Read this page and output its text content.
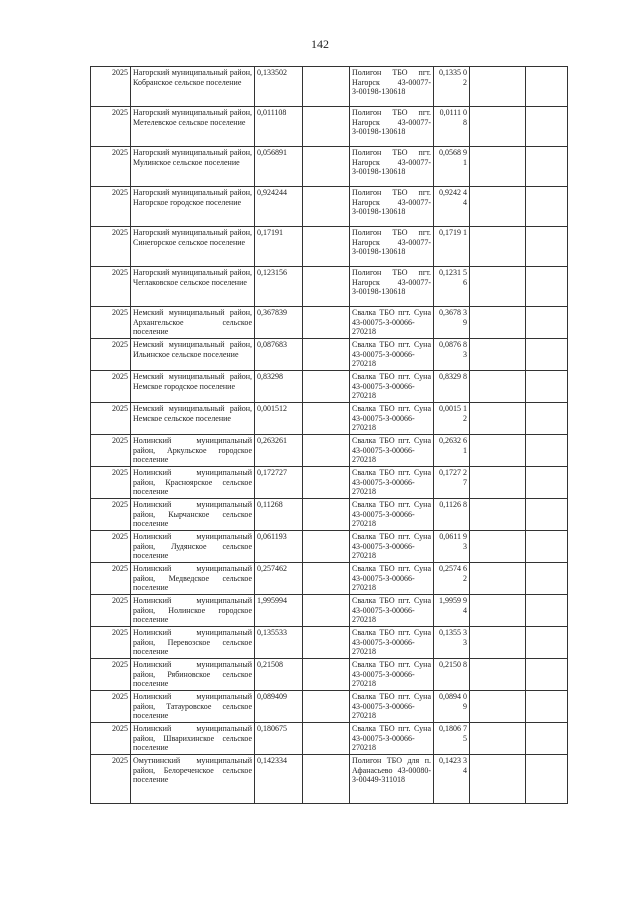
142
2025	Нагорский муниципальный район, Кобранское сельское поселение	0,133502		Полигон ТБО пгт. Нагорск 43-00077-З-00198-130618	0,1335 02		
2025	Нагорский муниципальный район, Метелевское сельское поселение	0,011108		Полигон ТБО пгт. Нагорск 43-00077-З-00198-130618	0,0111 08		
2025	Нагорский муниципальный район, Мулинское сельское поселение	0,056891		Полигон ТБО пгт. Нагорск 43-00077-З-00198-130618	0,0568 91		
2025	Нагорский муниципальный район, Нагорское городское поселение	0,924244		Полигон ТБО пгт. Нагорск 43-00077-З-00198-130618	0,9242 44		
2025	Нагорский муниципальный район, Синегорское сельское поселение	0,17191		Полигон ТБО пгт. Нагорск 43-00077-З-00198-130618	0,1719 1		
2025	Нагорский муниципальный район, Чеглаковское сельское поселение	0,123156		Полигон ТБО пгт. Нагорск 43-00077-З-00198-130618	0,1231 56		
2025	Немский муниципальный район, Архангельское сельское поселение	0,367839		Свалка ТБО пгт. Суна 43-00075-З-00066-270218	0,3678 39		
2025	Немский муниципальный район, Ильинское сельское поселение	0,087683		Свалка ТБО пгт. Суна 43-00075-З-00066-270218	0,0876 83		
2025	Немский муниципальный район, Немское городское поселение	0,83298		Свалка ТБО пгт. Суна 43-00075-З-00066-270218	0,8329 8		
2025	Немский муниципальный район, Немское сельское поселение	0,001512		Свалка ТБО пгт. Суна 43-00075-З-00066-270218	0,0015 12		
2025	Нолинский муниципальный район, Аркульское городское поселение	0,263261		Свалка ТБО пгт. Суна 43-00075-З-00066-270218	0,2632 61		
2025	Нолинский муниципальный район, Красноярское сельское поселение	0,172727		Свалка ТБО пгт. Суна 43-00075-З-00066-270218	0,1727 27		
2025	Нолинский муниципальный район, Кырчанское сельское поселение	0,11268		Свалка ТБО пгт. Суна 43-00075-З-00066-270218	0,1126 8		
2025	Нолинский муниципальный район, Лудянское сельское поселение	0,061193		Свалка ТБО пгт. Суна 43-00075-З-00066-270218	0,0611 93		
2025	Нолинский муниципальный район, Медведское сельское поселение	0,257462		Свалка ТБО пгт. Суна 43-00075-З-00066-270218	0,2574 62		
2025	Нолинский муниципальный район, Нолинское городское поселение	1,995994		Свалка ТБО пгт. Суна 43-00075-З-00066-270218	1,9959 94		
2025	Нолинский муниципальный район, Перевозское сельское поселение	0,135533		Свалка ТБО пгт. Суна 43-00075-З-00066-270218	0,1355 33		
2025	Нолинский муниципальный район, Рябиновское сельское поселение	0,21508		Свалка ТБО пгт. Суна 43-00075-З-00066-270218	0,2150 8		
2025	Нолинский муниципальный район, Татауровское сельское поселение	0,089409		Свалка ТБО пгт. Суна 43-00075-З-00066-270218	0,0894 09		
2025	Нолинский муниципальный район, Шварихинское сельское поселение	0,180675		Свалка ТБО пгт. Суна 43-00075-З-00066-270218	0,1806 75		
2025	Омутнинский муниципальный район, Белореченское сельское поселение	0,142334		Полигон ТБО для п. Афанасьево 43-00080-З-00449-311018	0,1423 34		
